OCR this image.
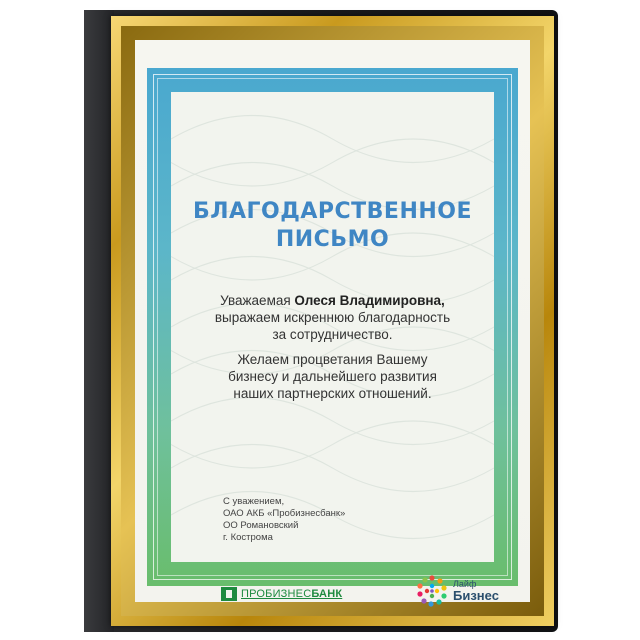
БЛАГОДАРСТВЕННОЕ
ПИСЬМО
Уважаемая Олеся Владимировна,
выражаем искреннюю благодарность
за сотрудничество.
Желаем процветания Вашему
бизнесу и дальнейшего развития
наших партнерских отношений.
С уважением,
ОАО АКБ «Пробизнесбанк»
ОО Романовский
г. Кострома
ПРОБИЗНЕСБАНК
Лайф
Бизнес
